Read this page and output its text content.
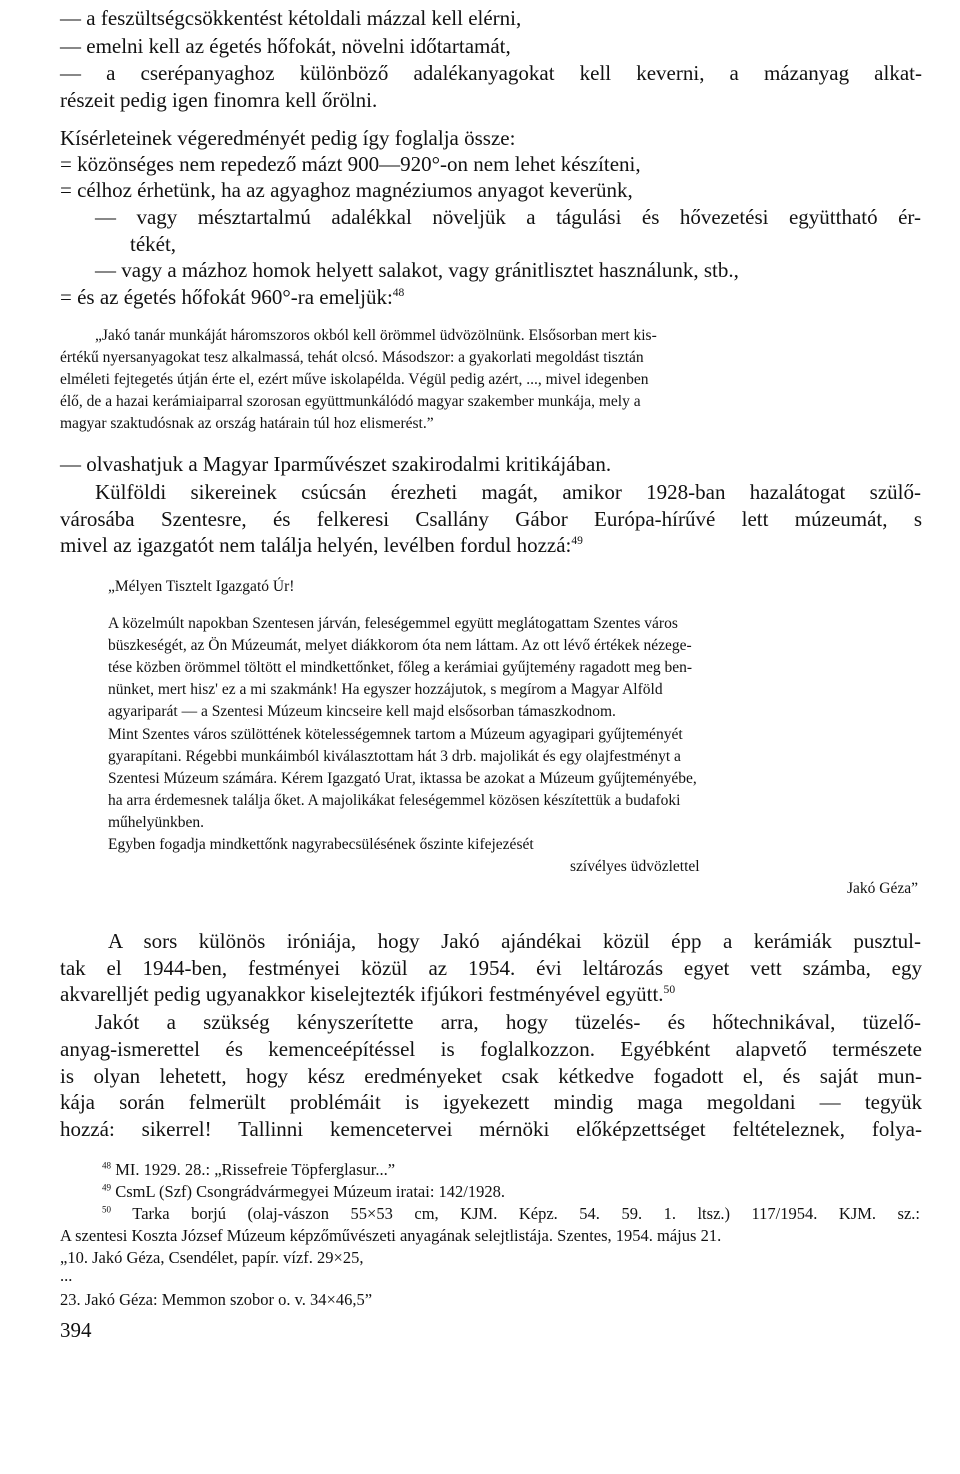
— a feszültségcsökkentést kétoldali mázzal kell elérni,
— emelni kell az égetés hőfokát, növelni időtartamát,
— a cserépanyaghoz különböző adalékanyagokat kell keverni, a mázanyag alkat-
részeit pedig igen finomra kell őrölni.
Kísérleteinek végeredményét pedig így foglalja össze:
= közönséges nem repedező mázt 900—920°-on nem lehet készíteni,
= célhoz érhetünk, ha az agyaghoz magnéziumos anyagot keverünk,
— vagy mésztartalmú adalékkal növeljük a tágulási és hővezetési együttható ér-
tékét,
— vagy a mázhoz homok helyett salakot, vagy gránitlisztet használunk, stb.,
= és az égetés hőfokát 960°-ra emeljük:$^{48}$
„Jakó tanár munkáját háromszoros okból kell örömmel üdvözölnünk. Elsősorban mert kis-
értékű nyersanyagokat tesz alkalmassá, tehát olcsó. Másodszor: a gyakorlati megoldást tisztán
elméleti fejtegetés útján érte el, ezért műve iskolapélda. Végül pedig azért, ..., mivel idegenben
élő, de a hazai kerámiaiparral szorosan együttmunkálódó magyar szakember munkája, mely a
magyar szaktudósnak az ország határain túl hoz elismerést.”
— olvashatjuk a Magyar Iparművészet szakirodalmi kritikájában.
Külföldi sikereinek csúcsán érezheti magát, amikor 1928-ban hazalátogat szülő-
városába Szentesre, és felkeresi Csallány Gábor Európa-hírűvé lett múzeumát, s
mivel az igazgatót nem találja helyén, levélben fordul hozzá:$^{49}$
„Mélyen Tisztelt Igazgató Úr!
A közelmúlt napokban Szentesen járván, feleségemmel együtt meglátogattam Szentes város
büszkeségét, az Ön Múzeumát, melyet diákkorom óta nem láttam. Az ott lévő értékek nézege-
tése közben örömmel töltött el mindkettőnket, főleg a kerámiai gyűjtemény ragadott meg ben-
nünket, mert hisz' ez a mi szakmánk! Ha egyszer hozzájutok, s megírom a Magyar Alföld
agyariparát — a Szentesi Múzeum kincseire kell majd elsősorban támaszkodnom.
Mint Szentes város szülöttének kötelességemnek tartom a Múzeum agyagipari gyűjteményét
gyarapítani. Régebbi munkáimból kiválasztottam hát 3 drb. majolikát és egy olajfestményt a
Szentesi Múzeum számára. Kérem Igazgató Urat, iktassa be azokat a Múzeum gyűjteményébe,
ha arra érdemesnek találja őket. A majolikákat feleségemmel közösen készítettük a budafoki
műhelyünkben.
Egyben fogadja mindkettőnk nagyrabecsülésének őszinte kifejezését
szívélyes üdvözlettel
Jakó Géza”
A sors különös iróniája, hogy Jakó ajándékai közül épp a kerámiák pusztul-
tak el 1944-ben, festményei közül az 1954. évi leltározás egyet vett számba, egy
akvarelljét pedig ugyanakkor kiselejtezték ifjúkori festményével együtt.$^{50}$
Jakót a szükség kényszerítette arra, hogy tüzelés- és hőtechnikával, tüzelő-
anyag-ismerettel és kemenceépítéssel is foglalkozzon. Egyébként alapvető természete
is olyan lehetett, hogy kész eredményeket csak kétkedve fogadott el, és saját mun-
kája során felmerült problémáit is igyekezett mindig maga megoldani — tegyük
hozzá: sikerrel! Tallinni kemencetervei mérnöki előképzettséget feltételeznek, folya-
$^{48}$ MI. 1929. 28.: „Rissefreie Töpferglasur...”
$^{49}$ CsmL (Szf) Csongrádvármegyei Múzeum iratai: 142/1928.
$^{50}$ Tarka borjú (olaj-vászon 55×53 cm, KJM. Képz. 54. 59. 1. ltsz.) 117/1954. KJM. sz.:
A szentesi Koszta József Múzeum képzőművészeti anyagának selejtlistája. Szentes, 1954. május 21.
„10. Jakó Géza, Csendélet, papír. vízf. 29×25,
...
23. Jakó Géza: Memmon szobor o. v. 34×46,5”
394
